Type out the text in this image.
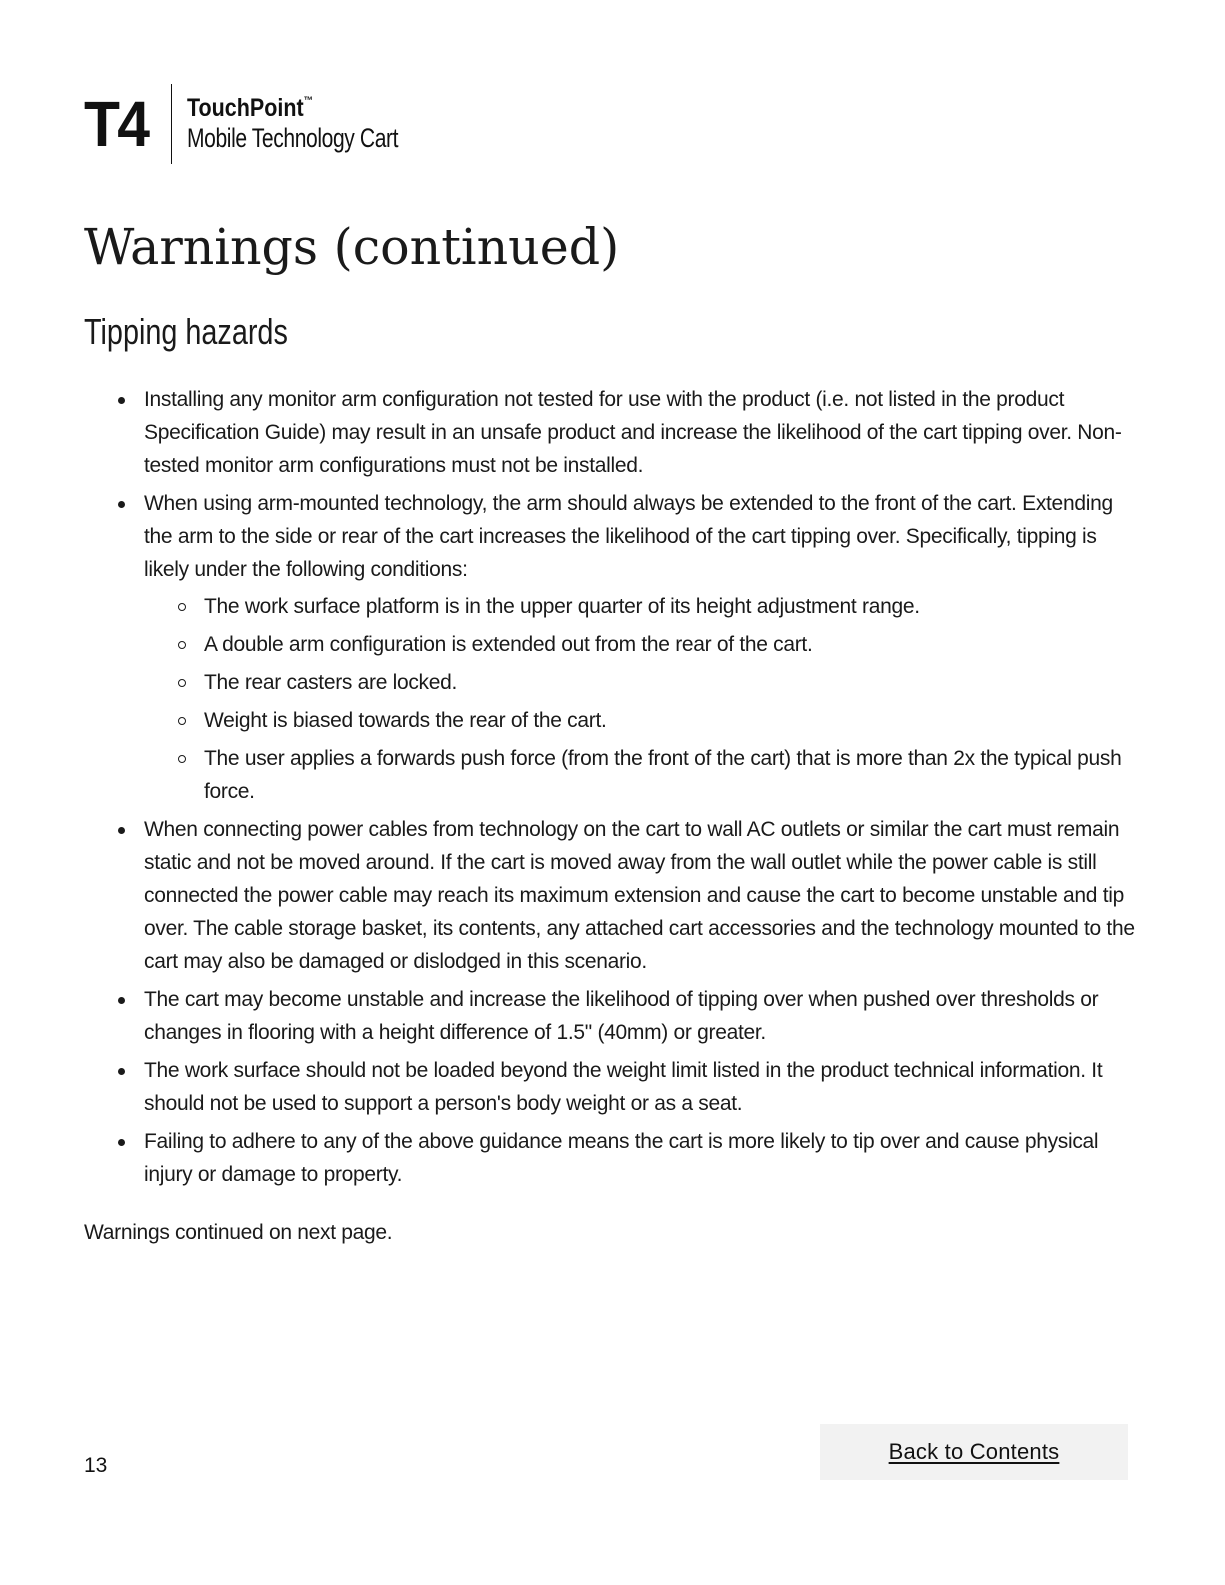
T4 TouchPoint™
Mobile Technology Cart
Warnings (continued)
Tipping hazards
Installing any monitor arm configuration not tested for use with the product (i.e. not listed in the product Specification Guide) may result in an unsafe product and increase the likelihood of the cart tipping over. Non-tested monitor arm configurations must not be installed.
When using arm-mounted technology, the arm should always be extended to the front of the cart. Extending the arm to the side or rear of the cart increases the likelihood of the cart tipping over. Specifically, tipping is likely under the following conditions:
The work surface platform is in the upper quarter of its height adjustment range.
A double arm configuration is extended out from the rear of the cart.
The rear casters are locked.
Weight is biased towards the rear of the cart.
The user applies a forwards push force (from the front of the cart) that is more than 2x the typical push force.
When connecting power cables from technology on the cart to wall AC outlets or similar the cart must remain static and not be moved around. If the cart is moved away from the wall outlet while the power cable is still connected the power cable may reach its maximum extension and cause the cart to become unstable and tip over. The cable storage basket, its contents, any attached cart accessories and the technology mounted to the cart may also be damaged or dislodged in this scenario.
The cart may become unstable and increase the likelihood of tipping over when pushed over thresholds or changes in flooring with a height difference of 1.5" (40mm) or greater.
The work surface should not be loaded beyond the weight limit listed in the product technical information. It should not be used to support a person's body weight or as a seat.
Failing to adhere to any of the above guidance means the cart is more likely to tip over and cause physical injury or damage to property.
Warnings continued on next page.
13
Back to Contents
